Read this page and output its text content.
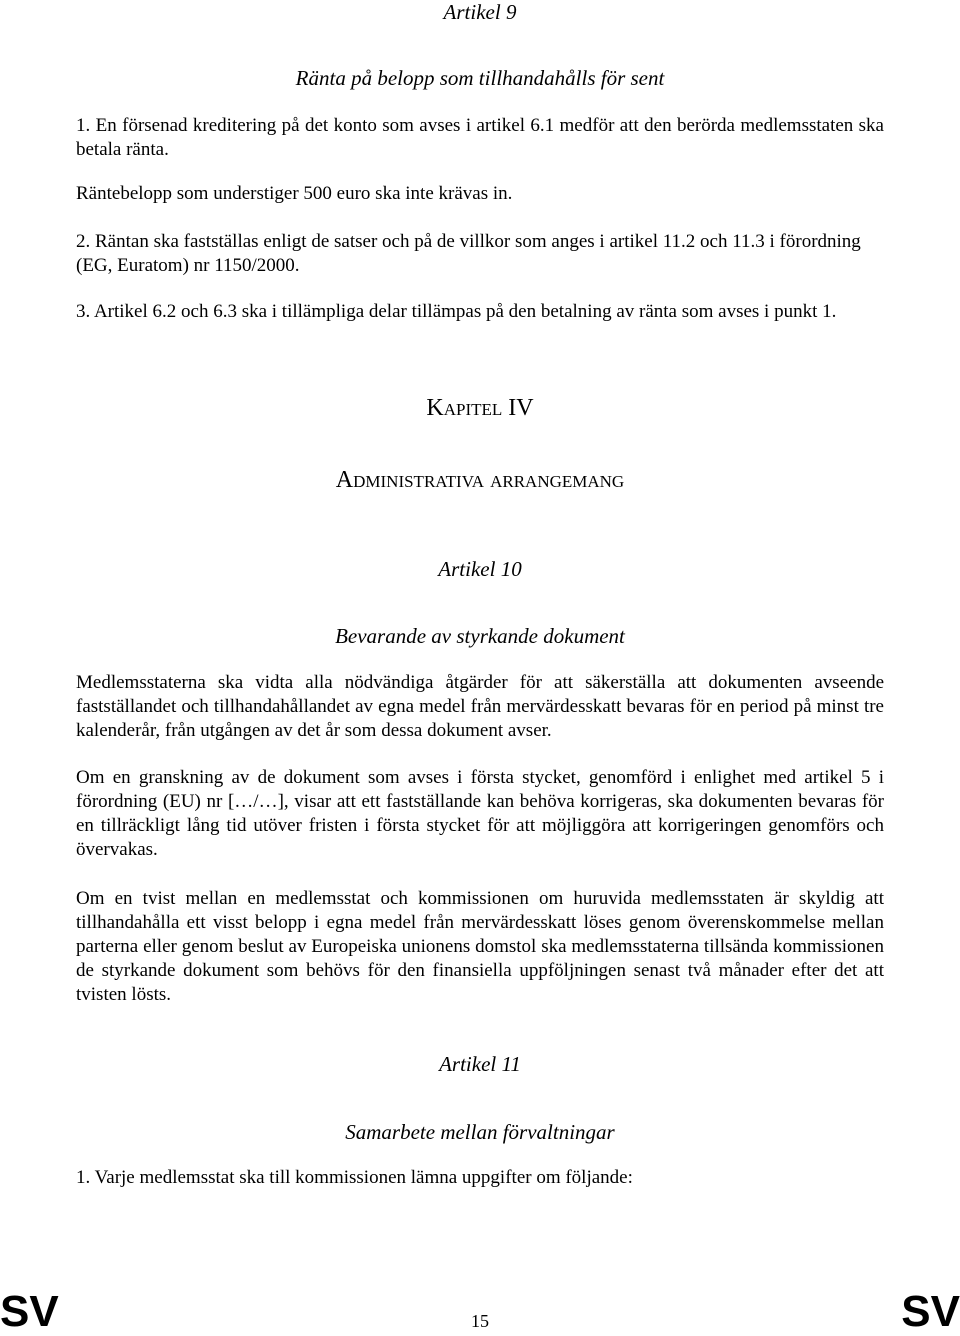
Artikel 9
Ränta på belopp som tillhandahålls för sent
1. En försenad kreditering på det konto som avses i artikel 6.1 medför att den berörda medlemsstaten ska betala ränta.
Räntebelopp som understiger 500 euro ska inte krävas in.
2. Räntan ska fastställas enligt de satser och på de villkor som anges i artikel 11.2 och 11.3 i förordning (EG, Euratom) nr 1150/2000.
3. Artikel 6.2 och 6.3 ska i tillämpliga delar tillämpas på den betalning av ränta som avses i punkt 1.
Kapitel IV
Administrativa arrangemang
Artikel 10
Bevarande av styrkande dokument
Medlemsstaterna ska vidta alla nödvändiga åtgärder för att säkerställa att dokumenten avseende fastställandet och tillhandahållandet av egna medel från mervärdesskatt bevaras för en period på minst tre kalenderår, från utgången av det år som dessa dokument avser.
Om en granskning av de dokument som avses i första stycket, genomförd i enlighet med artikel 5 i förordning (EU) nr […/…], visar att ett fastställande kan behöva korrigeras, ska dokumenten bevaras för en tillräckligt lång tid utöver fristen i första stycket för att möjliggöra att korrigeringen genomförs och övervakas.
Om en tvist mellan en medlemsstat och kommissionen om huruvida medlemsstaten är skyldig att tillhandahålla ett visst belopp i egna medel från mervärdesskatt löses genom överenskommelse mellan parterna eller genom beslut av Europeiska unionens domstol ska medlemsstaterna tillsända kommissionen de styrkande dokument som behövs för den finansiella uppföljningen senast två månader efter det att tvisten lösts.
Artikel 11
Samarbete mellan förvaltningar
1. Varje medlemsstat ska till kommissionen lämna uppgifter om följande:
SV	15	SV
